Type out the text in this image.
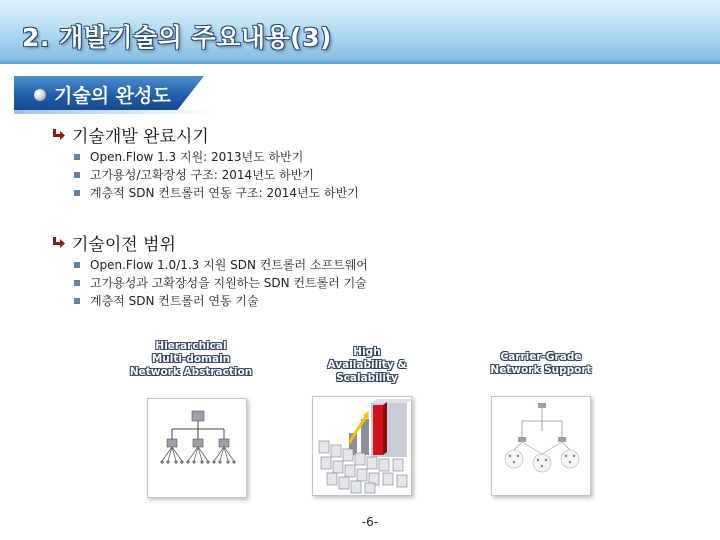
2. 개발기술의 주요내용(3)
기술의 완성도
기술개발 완료시기
Open.Flow 1.3 지원: 2013년도 하반기
고가용성/고확장성 구조: 2014년도 하반기
계층적 SDN 컨트롤러 연동 구조: 2014년도 하반기
기술이전 범위
Open.Flow 1.0/1.3 지원 SDN 컨트롤러 소프트웨어
고가용성과 고확장성을 지원하는 SDN 컨트롤러 기술
계층적 SDN 컨트롤러 연동 기술
Hierarchical
Multi-domain
Network Abstraction
High
Availability &
Scalability
Carrier-Grade
Network Support
-6-
